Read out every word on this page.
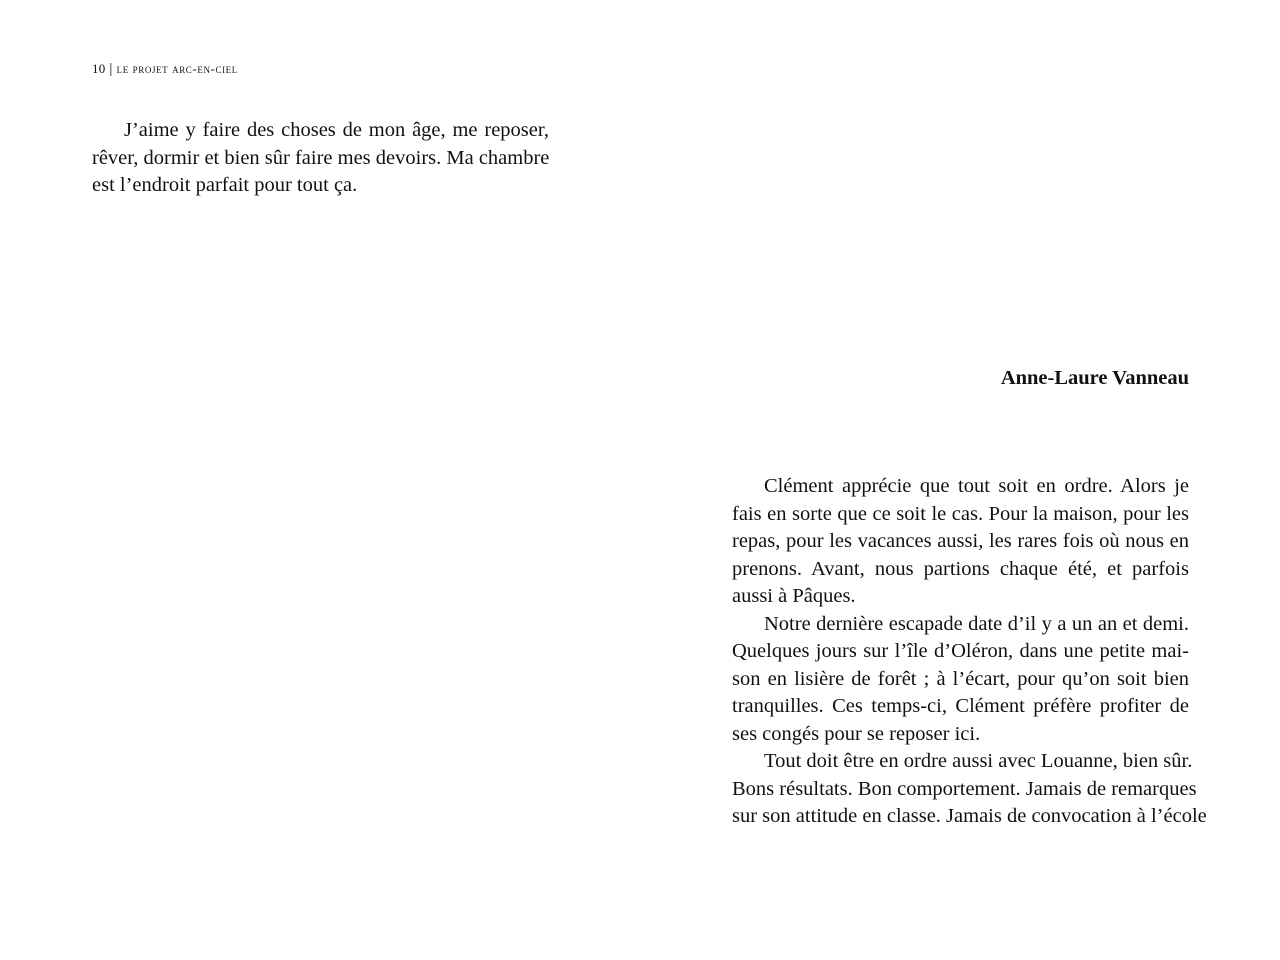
10 | le projet arc-en-ciel
J’aime y faire des choses de mon âge, me reposer,
rêver, dormir et bien sûr faire mes devoirs. Ma chambre
est l’endroit parfait pour tout ça.
Anne-Laure Vanneau
Clément apprécie que tout soit en ordre. Alors je
fais en sorte que ce soit le cas. Pour la maison, pour les
repas, pour les vacances aussi, les rares fois où nous en
prenons. Avant, nous partions chaque été, et parfois
aussi à Pâques.
Notre dernière escapade date d’il y a un an et demi.
Quelques jours sur l’île d’Oléron, dans une petite mai-
son en lisière de forêt ; à l’écart, pour qu’on soit bien
tranquilles. Ces temps-ci, Clément préfère profiter de
ses congés pour se reposer ici.
Tout doit être en ordre aussi avec Louanne, bien sûr.
Bons résultats. Bon comportement. Jamais de remarques
sur son attitude en classe. Jamais de convocation à l’école
